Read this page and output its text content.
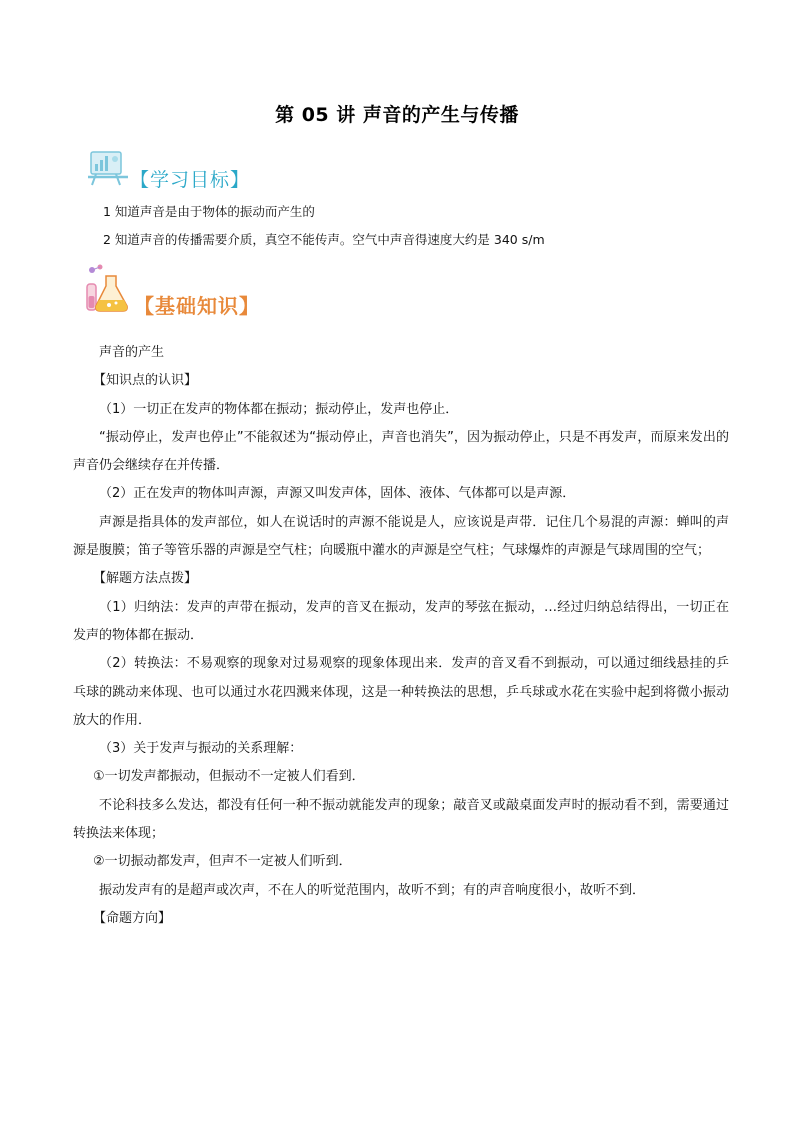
第 05 讲 声音的产生与传播
【学习目标】
1 知道声音是由于物体的振动而产生的
2 知道声音的传播需要介质，真空不能传声。空气中声音得速度大约是 340 s/m
【基础知识】

声音的产生

【知识点的认识】

（1）一切正在发声的物体都在振动；振动停止，发声也停止．

“振动停止，发声也停止”不能叙述为“振动停止，声音也消失”，因为振动停止，只是不再发声，而原来发出的声音仍会继续存在并传播．

（2）正在发声的物体叫声源，声源又叫发声体，固体、液体、气体都可以是声源．

声源是指具体的发声部位，如人在说话时的声源不能说是人，应该说是声带．记住几个易混的声源：蝉叫的声源是腹膜；笛子等管乐器的声源是空气柱；向暖瓶中灌水的声源是空气柱；气球爆炸的声源是气球周围的空气；

【解题方法点拨】

（1）归纳法：发声的声带在振动，发声的音叉在振动，发声的琴弦在振动，…经过归纳总结得出，一切正在发声的物体都在振动．

（2）转换法：不易观察的现象对过易观察的现象体现出来．发声的音叉看不到振动，可以通过细线悬挂的乒乓球的跳动来体现、也可以通过水花四溅来体现，这是一种转换法的思想，乒乓球或水花在实验中起到将微小振动放大的作用．

（3）关于发声与振动的关系理解：

①一切发声都振动，但振动不一定被人们看到．

不论科技多么发达，都没有任何一种不振动就能发声的现象；敲音叉或敲桌面发声时的振动看不到，需要通过转换法来体现；

②一切振动都发声，但声不一定被人们听到．

振动发声有的是超声或次声，不在人的听觉范围内，故听不到；有的声音响度很小，故听不到．

【命题方向】
